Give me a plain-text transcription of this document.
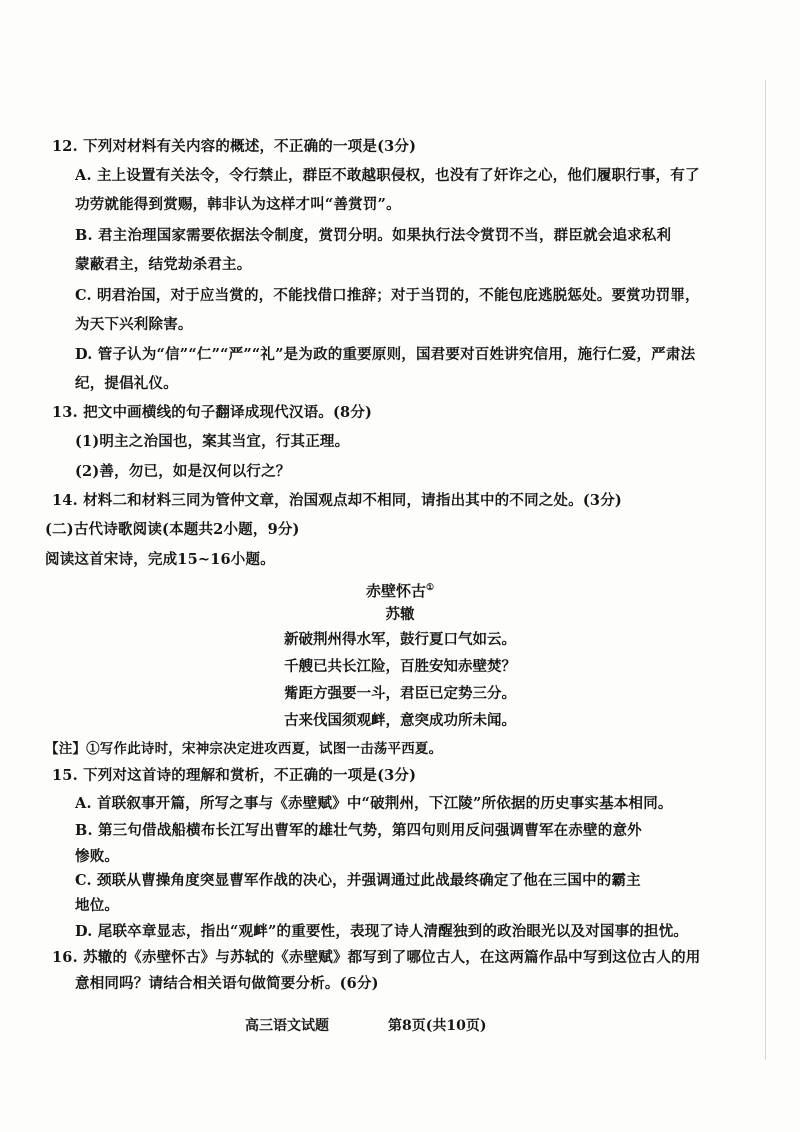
12. 下列对材料有关内容的概述，不正确的一项是(3分)
A. 主上设置有关法令，令行禁止，群臣不敢越职侵权，也没有了奸诈之心，他们履职行事，有了
功劳就能得到赏赐，韩非认为这样才叫“善赏罚”。
B. 君主治理国家需要依据法令制度，赏罚分明。如果执行法令赏罚不当，群臣就会追求私利
蒙蔽君主，结党劫杀君主。
C. 明君治国，对于应当赏的，不能找借口推辞；对于当罚的，不能包庇逃脱惩处。要赏功罚罪，
为天下兴利除害。
D. 管子认为“信”“仁”“严”“礼”是为政的重要原则，国君要对百姓讲究信用，施行仁爱，严肃法
纪，提倡礼仪。
13. 把文中画横线的句子翻译成现代汉语。(8分)
(1)明主之治国也，案其当宜，行其正理。
(2)善，勿已，如是汉何以行之？
14. 材料二和材料三同为管仲文章，治国观点却不相同，请指出其中的不同之处。(3分)
(二)古代诗歌阅读(本题共2小题，9分)
阅读这首宋诗，完成15~16小题。
赤壁怀古①
苏辙
新破荆州得水军，鼓行夏口气如云。
千艘已共长江险，百胜安知赤壁焚？
觜距方强要一斗，君臣已定势三分。
古来伐国须观衅，意突成功所未闻。
【注】①写作此诗时，宋神宗决定进攻西夏，试图一击荡平西夏。
15. 下列对这首诗的理解和赏析，不正确的一项是(3分)
A. 首联叙事开篇，所写之事与《赤壁赋》中“破荆州，下江陵”所依据的历史事实基本相同。
B. 第三句借战船横布长江写出曹军的雄壮气势，第四句则用反问强调曹军在赤壁的意外
惨败。
C. 颈联从曹操角度突显曹军作战的决心，并强调通过此战最终确定了他在三国中的霸主
地位。
D. 尾联卒章显志，指出“观衅”的重要性，表现了诗人清醒独到的政治眼光以及对国事的担忧。
16. 苏辙的《赤壁怀古》与苏轼的《赤壁赋》都写到了哪位古人，在这两篇作品中写到这位古人的用
意相同吗？请结合相关语句做简要分析。(6分)
高三语文试题	第8页(共10页)
